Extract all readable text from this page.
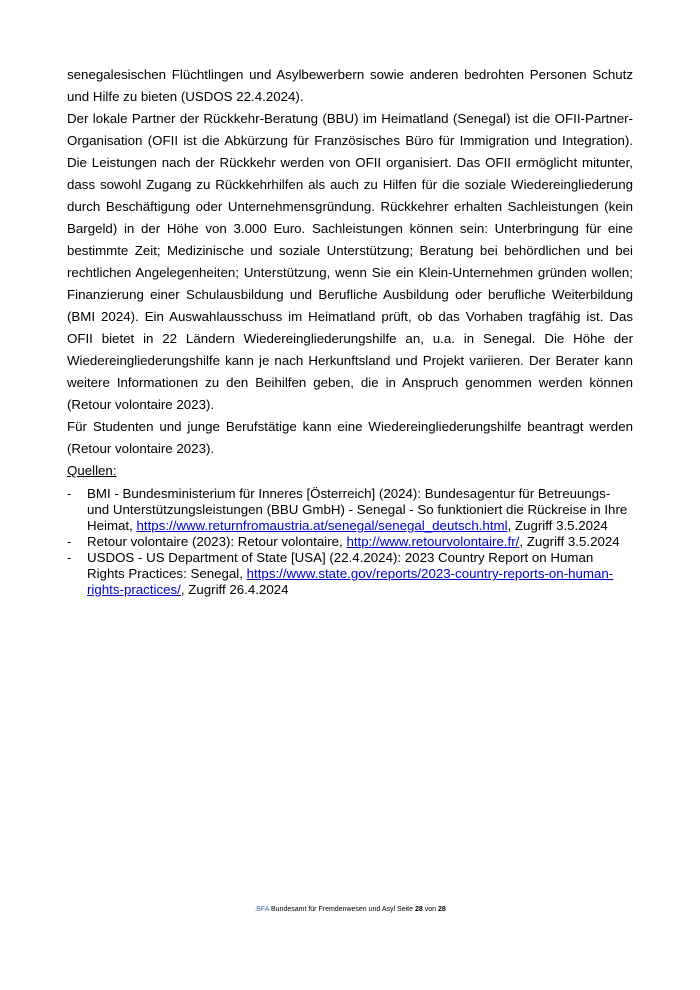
senegalesischen Flüchtlingen und Asylbewerbern sowie anderen bedrohten Personen Schutz und Hilfe zu bieten (USDOS 22.4.2024).

Der lokale Partner der Rückkehr-Beratung (BBU) im Heimatland (Senegal) ist die OFII-Partner-Organisation (OFII ist die Abkürzung für Französisches Büro für Immigration und Integration). Die Leistungen nach der Rückkehr werden von OFII organisiert. Das OFII ermöglicht mitunter, dass sowohl Zugang zu Rückkehrhilfen als auch zu Hilfen für die soziale Wiedereingliederung durch Beschäftigung oder Unternehmensgründung. Rückkehrer erhalten Sachleistungen (kein Bargeld) in der Höhe von 3.000 Euro. Sachleistungen können sein: Unterbringung für eine bestimmte Zeit; Medizinische und soziale Unterstützung; Beratung bei behördlichen und bei rechtlichen Angelegenheiten; Unterstützung, wenn Sie ein Klein-Unternehmen gründen wollen; Finanzierung einer Schulausbildung und Berufliche Ausbildung oder berufliche Weiterbildung (BMI 2024). Ein Auswahlausschuss im Heimatland prüft, ob das Vorhaben tragfähig ist. Das OFII bietet in 22 Ländern Wiedereingliederungshilfe an, u.a. in Senegal. Die Höhe der Wiedereingliederungshilfe kann je nach Herkunftsland und Projekt variieren. Der Berater kann weitere Informationen zu den Beihilfen geben, die in Anspruch genommen werden können (Retour volontaire 2023).

Für Studenten und junge Berufstätige kann eine Wiedereingliederungshilfe beantragt werden (Retour volontaire 2023).

Quellen:

- BMI - Bundesministerium für Inneres [Österreich] (2024): Bundesagentur für Betreuungs- und Unterstützungsleistungen (BBU GmbH) - Senegal - So funktioniert die Rückreise in Ihre Heimat, https://www.returnfromaustria.at/senegal/senegal_deutsch.html, Zugriff 3.5.2024
- Retour volontaire (2023): Retour volontaire, http://www.retourvolontaire.fr/, Zugriff 3.5.2024
- USDOS - US Department of State [USA] (22.4.2024): 2023 Country Report on Human Rights Practices: Senegal, https://www.state.gov/reports/2023-country-reports-on-human-rights-practices/, Zugriff 26.4.2024
.BFA Bundesamt für Fremdenwesen und Asyl Seite 28 von 28
